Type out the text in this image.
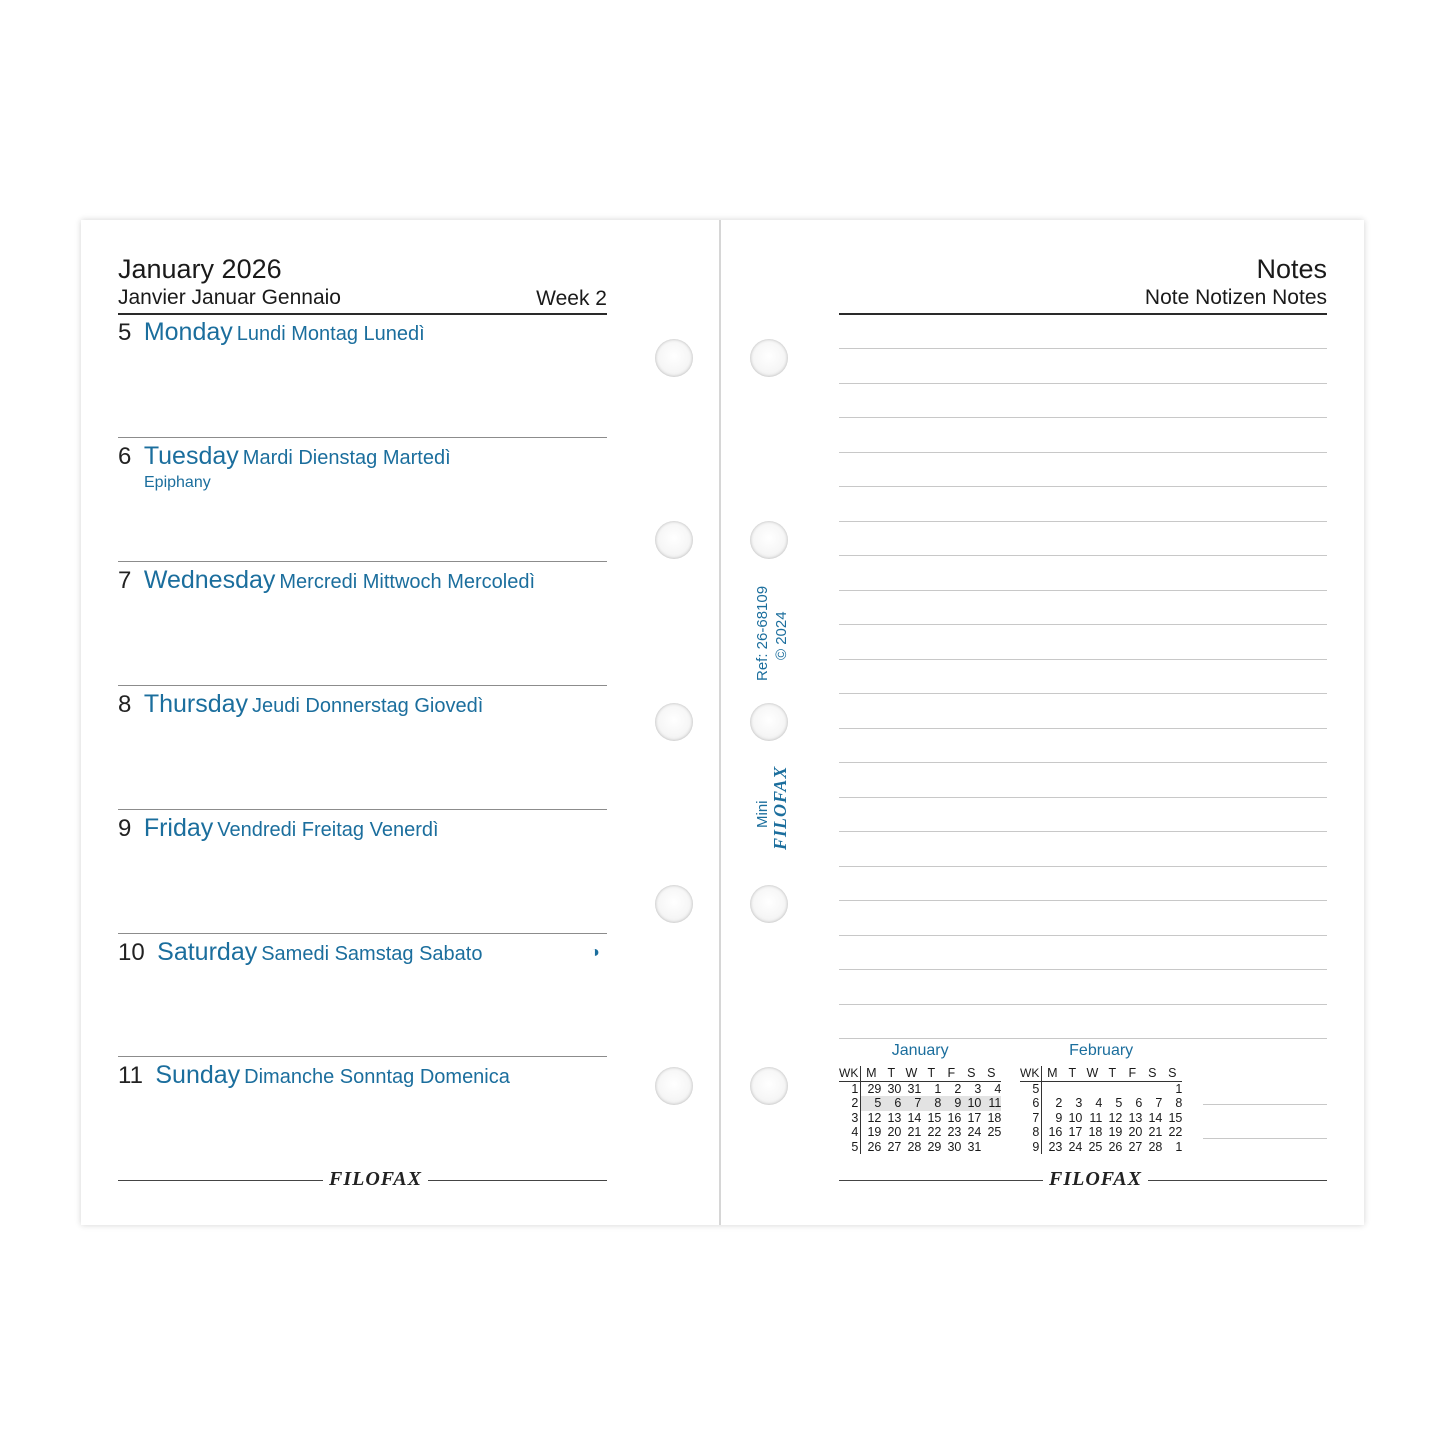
January 2026
Janvier Januar Gennaio	Week 2
5 Monday Lundi Montag Lunedì
6 Tuesday Mardi Dienstag Martedì
Epiphany
7 Wednesday Mercredi Mittwoch Mercoledì
8 Thursday Jeudi Donnerstag Giovedì
9 Friday Vendredi Freitag Venerdì
10 Saturday Samedi Samstag Sabato	◑
11 Sunday Dimanche Sonntag Domenica
FILOFAX
Ref: 26-68109 © 2024
Mini FILOFAX
Notes
Note Notizen Notes
January
WK	M	T	W	T	F	S	S
1	29	30	31	1	2	3	4
2	5	6	7	8	9	10	11
3	12	13	14	15	16	17	18
4	19	20	21	22	23	24	25
5	26	27	28	29	30	31	
February
WK	M	T	W	T	F	S	S
5							1
6	2	3	4	5	6	7	8
7	9	10	11	12	13	14	15
8	16	17	18	19	20	21	22
9	23	24	25	26	27	28	1
FILOFAX
